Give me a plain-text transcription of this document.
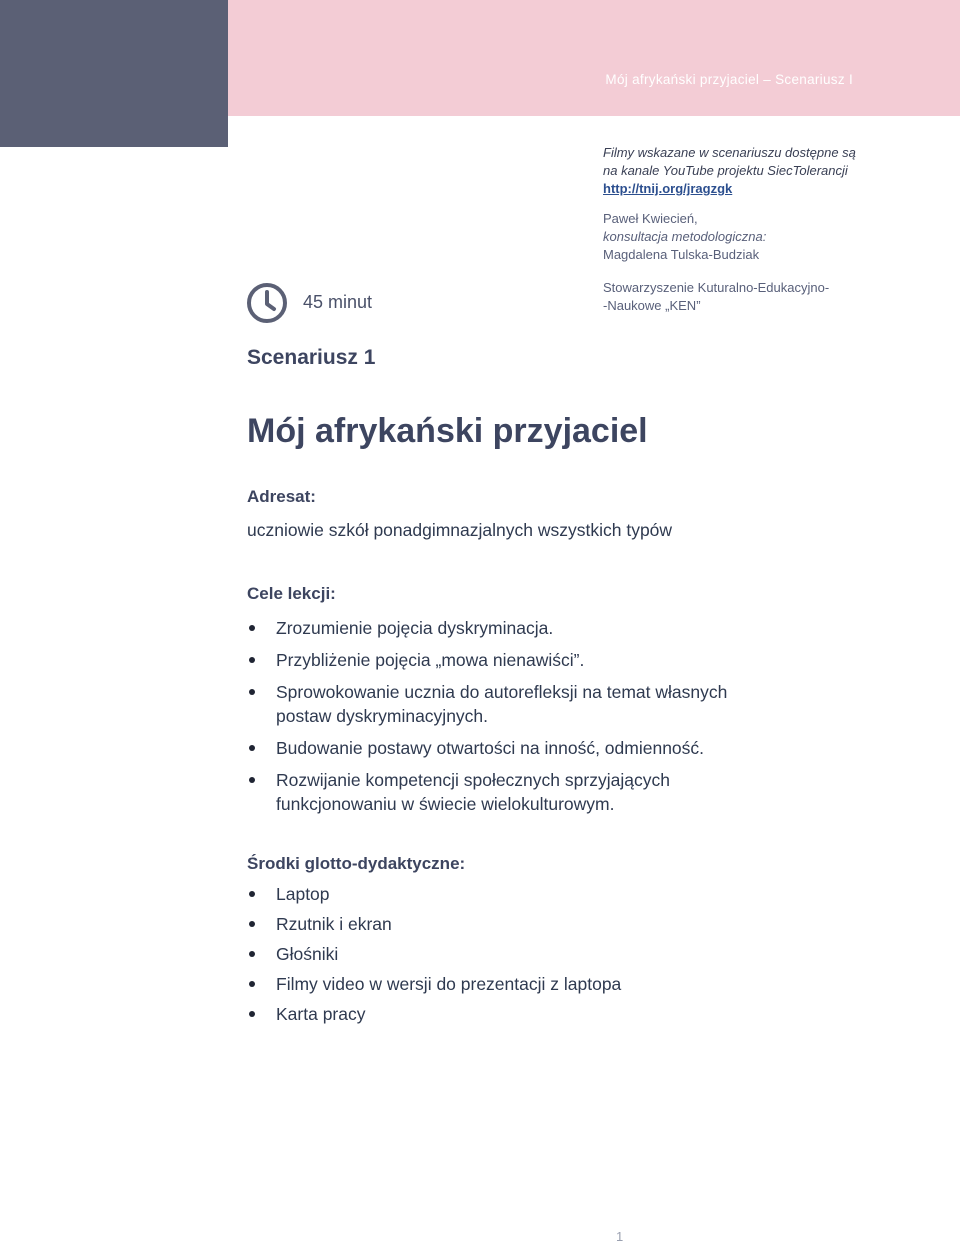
Mój afrykański przyjaciel – Scenariusz I
Filmy wskazane w scenariuszu dostępne są
na kanale YouTube projektu SiecTolerancji
http://tnij.org/jragzgk
Paweł Kwiecień,
konsultacja metodologiczna:
Magdalena Tulska-Budziak
Stowarzyszenie Kuturalno-Edukacyjno-
-Naukowe „KEN”
45 minut
Scenariusz 1
Mój afrykański przyjaciel
Adresat:
uczniowie szkół ponadgimnazjalnych wszystkich typów
Cele lekcji:
Zrozumienie pojęcia dyskryminacja.
Przybliżenie pojęcia „mowa nienawiści”.
Sprowokowanie ucznia do autorefleksji na temat własnych postaw dyskryminacyjnych.
Budowanie postawy otwartości na inność, odmienność.
Rozwijanie kompetencji społecznych sprzyjających funkcjonowaniu w świecie wielokulturowym.
Środki glotto-dydaktyczne:
Laptop
Rzutnik i ekran
Głośniki
Filmy video w wersji do prezentacji z laptopa
Karta pracy
1
